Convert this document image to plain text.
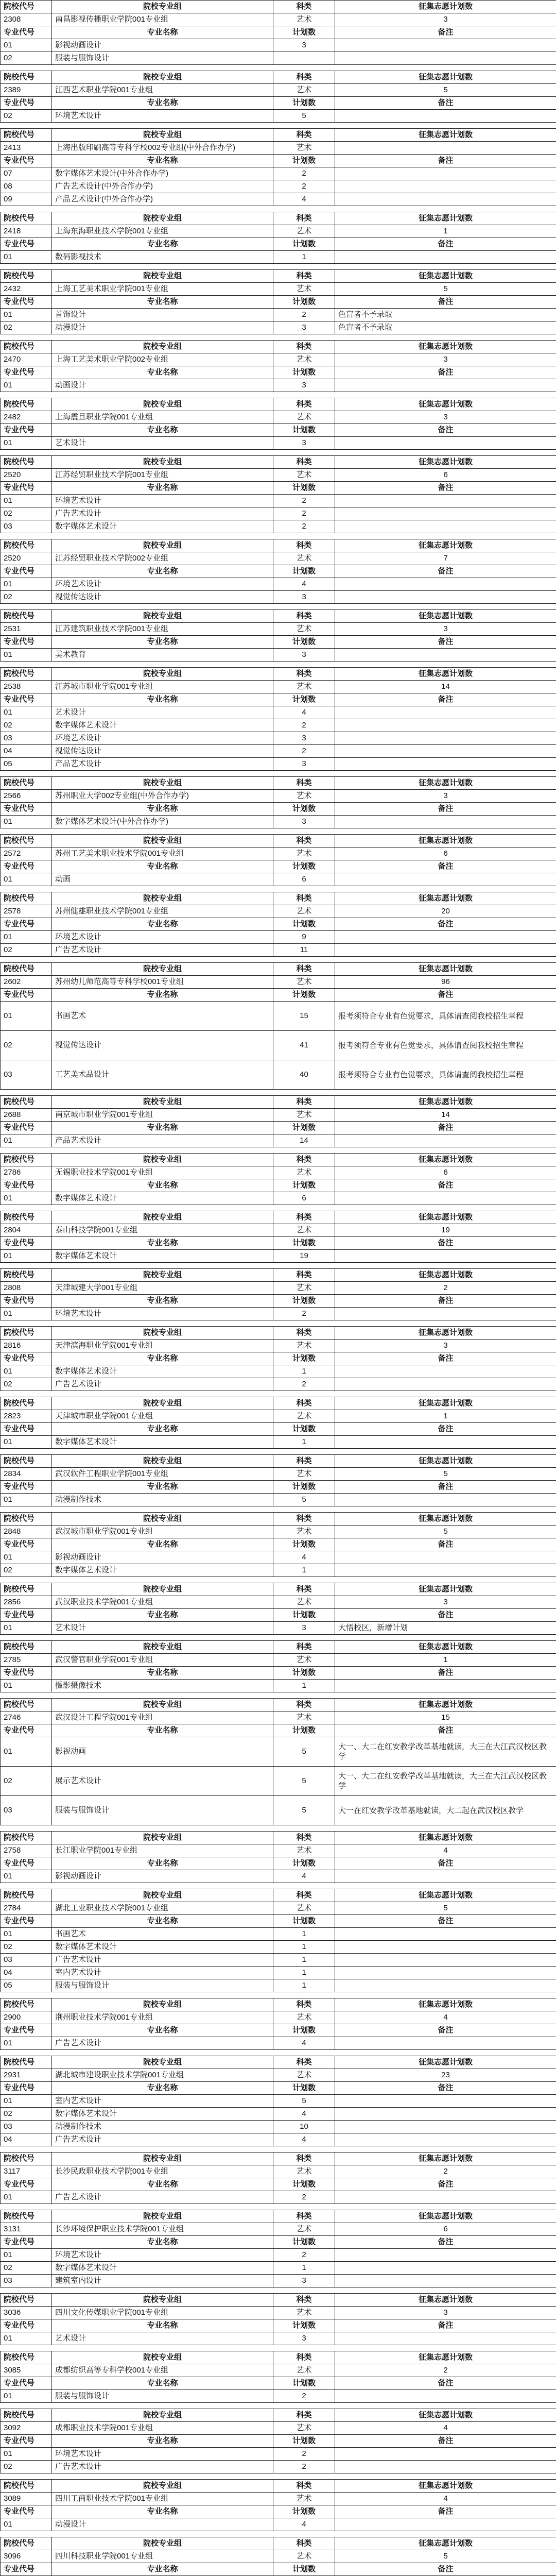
院校代号	院校专业组	科类	征集志愿计划数
2308	南昌影视传播职业学院001专业组	艺术	3
专业代号	专业名称	计划数	备注
01	影视动画设计	3	
02	服装与服饰设计		
院校代号	院校专业组	科类	征集志愿计划数
2389	江西艺术职业学院001专业组	艺术	5
专业代号	专业名称	计划数	备注
02	环境艺术设计	5	
院校代号	院校专业组	科类	征集志愿计划数
2413	上海出版印刷高等专科学校002专业组(中外合作办学)	艺术	
专业代号	专业名称	计划数	备注
07	数字媒体艺术设计(中外合作办学)	2	
08	广告艺术设计(中外合作办学)	2	
09	产品艺术设计(中外合作办学)	4	
院校代号	院校专业组	科类	征集志愿计划数
2418	上海东海职业技术学院001专业组	艺术	1
专业代号	专业名称	计划数	备注
01	数码影视技术	1	
院校代号	院校专业组	科类	征集志愿计划数
2432	上海工艺美术职业学院001专业组	艺术	5
专业代号	专业名称	计划数	备注
01	首饰设计	2	色盲者不予录取
02	动漫设计	3	色盲者不予录取
院校代号	院校专业组	科类	征集志愿计划数
2470	上海工艺美术职业学院002专业组	艺术	3
专业代号	专业名称	计划数	备注
01	动画设计	3	
院校代号	院校专业组	科类	征集志愿计划数
2482	上海震旦职业学院001专业组	艺术	3
专业代号	专业名称	计划数	备注
01	艺术设计	3	
院校代号	院校专业组	科类	征集志愿计划数
2520	江苏经贸职业技术学院001专业组	艺术	6
专业代号	专业名称	计划数	备注
01	环境艺术设计	2	
02	广告艺术设计	2	
03	数字媒体艺术设计	2	
院校代号	院校专业组	科类	征集志愿计划数
2520	江苏经贸职业技术学院002专业组	艺术	7
专业代号	专业名称	计划数	备注
01	环境艺术设计	4	
02	视觉传达设计	3	
院校代号	院校专业组	科类	征集志愿计划数
2531	江苏建筑职业技术学院001专业组	艺术	3
专业代号	专业名称	计划数	备注
01	美术教育	3	
院校代号	院校专业组	科类	征集志愿计划数
2538	江苏城市职业学院001专业组	艺术	14
专业代号	专业名称	计划数	备注
01	艺术设计	4	
02	数字媒体艺术设计	2	
03	环境艺术设计	3	
04	视觉传达设计	2	
05	产品艺术设计	3	
院校代号	院校专业组	科类	征集志愿计划数
2566	苏州职业大学002专业组(中外合作办学)	艺术	3
专业代号	专业名称	计划数	备注
01	数字媒体艺术设计(中外合作办学)	3	
院校代号	院校专业组	科类	征集志愿计划数
2572	苏州工艺美术职业技术学院001专业组	艺术	6
专业代号	专业名称	计划数	备注
01	动画	6	
院校代号	院校专业组	科类	征集志愿计划数
2578	苏州健雄职业技术学院001专业组	艺术	20
专业代号	专业名称	计划数	备注
01	环境艺术设计	9	
02	广告艺术设计	11	
院校代号	院校专业组	科类	征集志愿计划数
2602	苏州幼儿师范高等专科学校001专业组	艺术	96
专业代号	专业名称	计划数	备注
01	书画艺术	15	报考须符合专业有色觉要求，具体请查阅我校招生章程
02	视觉传达设计	41	报考须符合专业有色觉要求，具体请查阅我校招生章程
03	工艺美术品设计	40	报考须符合专业有色觉要求，具体请查阅我校招生章程
院校代号	院校专业组	科类	征集志愿计划数
2688	南京城市职业学院001专业组	艺术	14
专业代号	专业名称	计划数	备注
01	产品艺术设计	14	
院校代号	院校专业组	科类	征集志愿计划数
2786	无锡职业技术学院001专业组	艺术	6
专业代号	专业名称	计划数	备注
01	数字媒体艺术设计	6	
院校代号	院校专业组	科类	征集志愿计划数
2804	泰山科技学院001专业组	艺术	19
专业代号	专业名称	计划数	备注
01	数字媒体艺术设计	19	
院校代号	院校专业组	科类	征集志愿计划数
2808	天津城建大学001专业组	艺术	2
专业代号	专业名称	计划数	备注
01	环境艺术设计	2	
院校代号	院校专业组	科类	征集志愿计划数
2816	天津滨海职业学院001专业组	艺术	3
专业代号	专业名称	计划数	备注
01	数字媒体艺术设计	1	
02	广告艺术设计	2	
院校代号	院校专业组	科类	征集志愿计划数
2823	天津城市职业学院001专业组	艺术	1
专业代号	专业名称	计划数	备注
01	数字媒体艺术设计	1	
院校代号	院校专业组	科类	征集志愿计划数
2834	武汉软件工程职业学院001专业组	艺术	5
专业代号	专业名称	计划数	备注
01	动漫制作技术	5	
院校代号	院校专业组	科类	征集志愿计划数
2848	武汉城市职业学院001专业组	艺术	5
专业代号	专业名称	计划数	备注
01	影视动画设计	4	
02	数字媒体艺术设计	1	
院校代号	院校专业组	科类	征集志愿计划数
2856	武汉职业技术学院001专业组	艺术	3
专业代号	专业名称	计划数	备注
01	艺术设计	3	大悟校区，新增计划
院校代号	院校专业组	科类	征集志愿计划数
2785	武汉警官职业学院001专业组	艺术	1
专业代号	专业名称	计划数	备注
01	摄影摄像技术	1	
院校代号	院校专业组	科类	征集志愿计划数
2746	武汉设计工程学院001专业组	艺术	15
专业代号	专业名称	计划数	备注
01	影视动画	5	大一、大二在红安教学改革基地就读，大三在大江武汉校区教学
02	展示艺术设计	5	大一、大二在红安教学改革基地就读，大三在大江武汉校区教学
03	服装与服饰设计	5	大一在红安教学改革基地就读，大二起在武汉校区教学
院校代号	院校专业组	科类	征集志愿计划数
2758	长江职业学院001专业组	艺术	4
专业代号	专业名称	计划数	备注
01	影视动画设计	4	
院校代号	院校专业组	科类	征集志愿计划数
2784	湖北工业职业技术学院001专业组	艺术	5
专业代号	专业名称	计划数	备注
01	书画艺术	1	
02	数字媒体艺术设计	1	
03	广告艺术设计	1	
04	室内艺术设计	1	
05	服装与服饰设计	1	
院校代号	院校专业组	科类	征集志愿计划数
2900	荆州职业技术学院001专业组	艺术	4
专业代号	专业名称	计划数	备注
01	广告艺术设计	4	
院校代号	院校专业组	科类	征集志愿计划数
2931	湖北城市建设职业技术学院001专业组	艺术	23
专业代号	专业名称	计划数	备注
01	室内艺术设计	5	
02	数字媒体艺术设计	4	
03	动漫制作技术	10	
04	广告艺术设计	4	
院校代号	院校专业组	科类	征集志愿计划数
3117	长沙民政职业技术学院001专业组	艺术	2
专业代号	专业名称	计划数	备注
01	广告艺术设计	2	
院校代号	院校专业组	科类	征集志愿计划数
3131	长沙环境保护职业技术学院001专业组	艺术	6
专业代号	专业名称	计划数	备注
01	环境艺术设计	2	
02	数字媒体艺术设计	1	
03	建筑室内设计	3	
院校代号	院校专业组	科类	征集志愿计划数
3036	四川文化传媒职业学院001专业组	艺术	3
专业代号	专业名称	计划数	备注
01	艺术设计	3	
院校代号	院校专业组	科类	征集志愿计划数
3085	成都纺织高等专科学校001专业组	艺术	2
专业代号	专业名称	计划数	备注
01	服装与服饰设计	2	
院校代号	院校专业组	科类	征集志愿计划数
3092	成都职业技术学院001专业组	艺术	4
专业代号	专业名称	计划数	备注
01	环境艺术设计	2	
02	广告艺术设计	2	
院校代号	院校专业组	科类	征集志愿计划数
3089	四川工商职业技术学院001专业组	艺术	4
专业代号	专业名称	计划数	备注
01	动漫设计	4	
院校代号	院校专业组	科类	征集志愿计划数
3096	四川科技职业学院001专业组	艺术	5
专业代号	专业名称	计划数	备注
